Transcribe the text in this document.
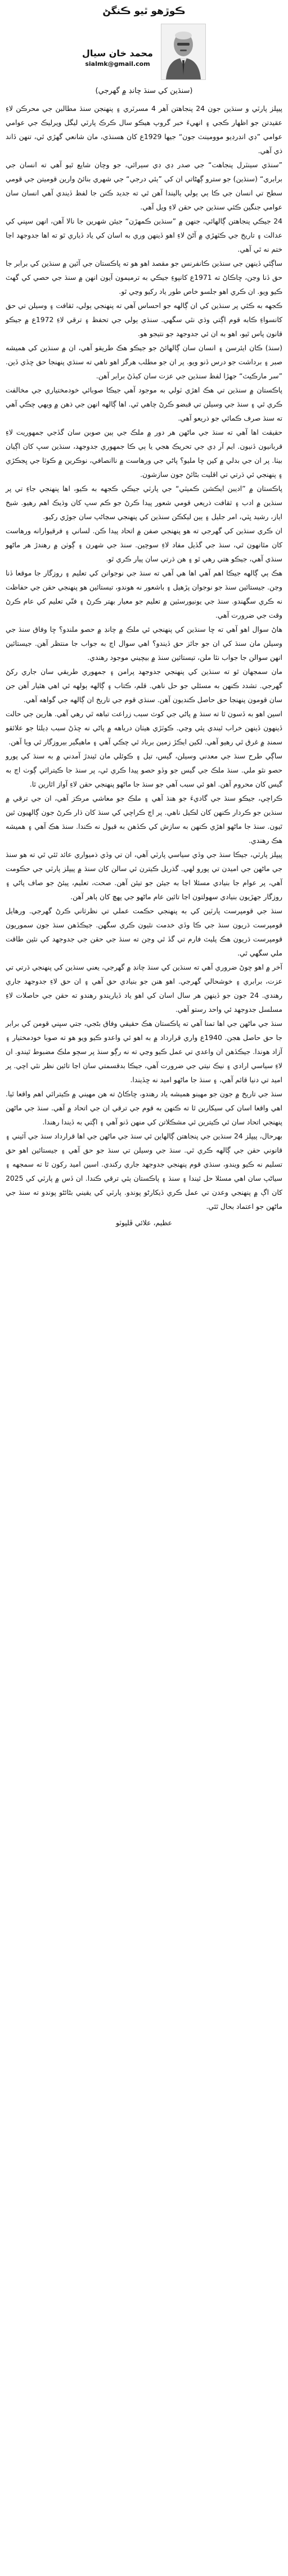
ڪوڙهو ٿيو ڪنگڻ
محمد خان سيال
sialmk@gmail.com
(سنڌين کي سنڌ چانڊ ۾ گهرجي)

پيپلز پارٽي و سنڌين جون 24 پنجاهتن آهر 4 مسرٽري ۽ پنهنجن سنڌ مطالبن جي محرڪن لاءِ عقيدتن جو اظهار ڪجي ۽ انهيءَ خبر گروپ هيڪو سال ڪرڪ پارٽي ليگل ويرليڪ جي عوامي عوامي ”ڊي انڊرڊيو موومينٽ جون“ جيها 1929ع کان هسنڌي، مان شانعي گهڙي ٿي، تنهن ڏاند ذي آهي.

”سنڌي سينٽرل پنجاهت“ جي صدر ڊي ڊي سيرائي، جو وچان شايع ٿيو آهي ته انسان جي برابري“ (سنڌين) جو سترو ڳهڻاتي ان کي ”ٻئي درجي“ جي شهري بنائڻ وارين قوميتن جي قومي سطح تي انسان جي ڪا ٻي ٻولي ٻاليندا آهن ٿي ته جديد ڪنن جا لفظ ڏيندي آهي انسان سان عوامي جنگين ڪئي سنڌين جي حقن لاءِ ويل آهي.

24 جيڪي پنجاهتن ڳالهائي، جنهن ۾ ”سنڌين ڪمهڙن“ جيئن شهرين جا نالا آهن، انهن سڀني کي عدالت ۽ تاريخ جي ڪٽهڙي ۾ آڻڻ لاءِ اهو ڏينهن وري به اسان کي ياد ڏياري ٿو ته اها جدوجهد اڃا ختم نه ٿي آهي.

ساڳئي ڏينهن جي سنڌين ڪانفرنس جو مقصد اهو هو ته پاڪستان جي آئين ۾ سنڌين کي برابر جا حق ڏنا وڃن، ڇاڪاڻ ته 1971ع کانپوءِ جيڪي به ترميمون آيون انهن ۾ سنڌ جي حصي کي گهٽ ڪيو ويو. ان ڪري اهو جلسو خاص طور ياد رکيو وڃي ٿو.

ڪجهه به ڪئي پر سنڌين کي ان ڳالهه جو احساس آهي ته پنهنجي ٻولي، ثقافت ۽ وسيلن تي حق کانسواءِ ڪابه قوم اڳتي وڌي نٿي سگهي. سنڌي ٻولي جي تحفظ ۽ ترقي لاءِ 1972ع ۾ جيڪو قانون پاس ٿيو، اهو به ان ئي جدوجهد جو نتيجو هو.

(سنڌ) ڪان ايئرسن ۽ انسان سان ڳالهائڻ جو جيڪو هڪ طريقو آهي، ان ۾ سنڌين کي هميشه صبر ۽ برداشت جو درس ڏنو ويو. پر ان جو مطلب هرگز اهو ناهي ته سنڌي پنهنجا حق ڇڏي ڏين. ”سر مارڪيٽ“ جهڙا لفظ سنڌين جي عزت سان کيڏڻ برابر آهن.

پاڪستان ۾ سنڌين تي هڪ اهڙي ٽولي به موجود آهي جيڪا صوبائي خودمختياري جي مخالفت ڪري ٿي ۽ سنڌ جي وسيلن تي قبضو ڪرڻ چاهي ٿي. اها ڳالهه انهن جي ذهن ۾ ويهي چڪي آهي ته سنڌ صرف ڪمائي جو ذريعو آهي.

حقيقت اها آهي ته سنڌ جي ماڻهن هر دور ۾ ملڪ جي ٻين صوبن سان گڏجي جمهوريت لاءِ قربانيون ڏنيون. ايم آر ڊي جي تحريڪ هجي يا ٻي ڪا جمهوري جدوجهد، سنڌين سڀ کان اڳيان بيٺا. پر ان جي بدلي ۾ کين ڇا مليو؟ پاڻي جي ورهاست ۾ ناانصافي، نوڪرين ۾ ڪوٽا جي ڀڃڪڙي ۽ پنهنجي ئي ڌرتي تي اقليت بڻائڻ جون سازشون.

پاڪستان ۾ ”اديبن ايڪشن ڪميٽي“ جي پارٽي جيڪي ڪجهه به ڪيو، اها پنهنجي جاءِ تي پر سنڌين ۾ ادب ۽ ثقافت ذريعي قومي شعور پيدا ڪرڻ جو ڪم سڀ کان وڌيڪ اهم رهيو. شيخ اياز، رشيد ڀٽي، امر جليل ۽ ٻين ليکڪن سنڌين کي پنهنجي سڃاڻپ سان جوڙي رکيو.

ان ڪري سنڌين کي گهرجي ته هو پنهنجي صفن ۾ اتحاد پيدا ڪن. لساني ۽ فرقيوارانه ورهاست کان مٿانهون ٿي، سنڌ جي گڏيل مفاد لاءِ سوچين. سنڌ جي شهرن ۽ ڳوٺن ۾ رهندڙ هر ماڻهو سنڌي آهي، جيڪو هتي رهي ٿو ۽ هن ڌرتي سان پيار ڪري ٿو.

هڪ ٻي ڳالهه جيڪا اهم آهي اها هي آهي ته سنڌ جي نوجوانن کي تعليم ۽ روزگار جا موقعا ڏنا وڃن. جيستائين سنڌ جو نوجوان پڙهيل ۽ باشعور نه هوندو، تيستائين هو پنهنجي حقن جي حفاظت نه ڪري سگهندو. سنڌ جي يونيورسٽين ۾ تعليم جو معيار بهتر ڪرڻ ۽ فنّي تعليم کي عام ڪرڻ وقت جي ضرورت آهي.

هاڻ سوال اهو آهي ته ڇا سنڌين کي پنهنجي ئي ملڪ ۾ چانڊ ۾ حصو ملندو؟ ڇا وفاق سنڌ جي وسيلن مان سنڌ کي ان جو جائز حق ڏيندو؟ اهي سوال اڄ به جواب جا منتظر آهن. جيستائين انهن سوالن جا جواب نٿا ملن، تيستائين سنڌ ۾ بيچيني موجود رهندي.

مان سمجهان ٿو ته سنڌين کي پنهنجي جدوجهد پرامن ۽ جمهوري طريقي سان جاري رکڻ گهرجي. تشدد ڪنهن به مسئلي جو حل ناهي. قلم، ڪتاب ۽ ڳالهه ٻولهه ئي اهي هٿيار آهن جن سان قومون پنهنجا حق حاصل ڪنديون آهن. سنڌي قوم جي تاريخ ان ڳالهه جي گواهه آهي.

اسين اهو به ڏسون ٿا ته سنڌ ۾ پاڻي جي کوٽ سبب زراعت تباهه ٿي رهي آهي. هارين جي حالت ڏينهون ڏينهن خراب ٿيندي پئي وڃي. ڪوٽڙي هيٺان درياهه ۾ پاڻي نه ڇڏڻ سبب ڊيلٽا جو علائقو سمنڊ ۾ غرق ٿي رهيو آهي. لکين ايڪڙ زمين برباد ٿي چڪي آهي ۽ ماهيگير بيروزگار ٿي ويا آهن.

ساڳي طرح سنڌ جي معدني وسيلن، گيس، تيل ۽ ڪوئلي مان ٿيندڙ آمدني ۾ به سنڌ کي پورو حصو نٿو ملي. سنڌ ملڪ جي گيس جو وڏو حصو پيدا ڪري ٿي، پر سنڌ جا ڪيترائي ڳوٺ اڄ به گيس کان محروم آهن. اهو ئي سبب آهي جو سنڌ جا ماڻهو پنهنجي حقن لاءِ آواز اٿارين ٿا.

ڪراچي، جيڪو سنڌ جي گاديءَ جو هنڌ آهي ۽ ملڪ جو معاشي مرڪز آهي، ان جي ترقي ۾ سنڌين جو ڪردار ڪنهن کان لڪيل ناهي. پر اڄ ڪراچي کي سنڌ کان ڌار ڪرڻ جون ڳالهيون ٿين ٿيون. سنڌ جا ماڻهو اهڙي ڪنهن به سازش کي ڪڏهن به قبول نه ڪندا. سنڌ هڪ آهي ۽ هميشه هڪ رهندي.

پيپلز پارٽي، جيڪا سنڌ جي وڏي سياسي پارٽي آهي، ان تي وڏي ذميواري عائد ٿئي ٿي ته هو سنڌ جي ماڻهن جي اميدن تي پورو لهي. گذريل ڪيترن ئي سالن کان سنڌ ۾ پيپلز پارٽي جي حڪومت آهي، پر عوام جا بنيادي مسئلا اڃا به جيئن جو تيئن آهن. صحت، تعليم، پيئڻ جو صاف پاڻي ۽ روزگار جهڙيون بنيادي سهولتون اڃا تائين عام ماڻهو جي پهچ کان ٻاهر آهن.

سنڌ جي قومپرست پارٽين کي به پنهنجي حڪمت عملي تي نظرثاني ڪرڻ گهرجي. ورهايل قومپرست ڌريون سنڌ جي ڪا وڏي خدمت نٿيون ڪري سگهن. جيڪڏهن سنڌ جون سموريون قومپرست ڌريون هڪ پليٽ فارم تي گڏ ٿي وڃن ته سنڌ جي حقن جي جدوجهد کي نئين طاقت ملي سگهي ٿي.

آخر ۾ اهو چوڻ ضروري آهي ته سنڌين کي سنڌ چانڊ ۾ گهرجي، يعني سنڌين کي پنهنجي ڌرتي تي عزت، برابري ۽ خوشحالي گهرجي. اهو هنن جو بنيادي حق آهي ۽ ان حق لاءِ جدوجهد جاري رهندي. 24 جون جو ڏينهن هر سال اسان کي اهو ياد ڏياريندو رهندو ته حقن جي حاصلات لاءِ مسلسل جدوجهد ئي واحد رستو آهي.

سنڌ جي ماڻهن جي اها تمنا آهي ته پاڪستان هڪ حقيقي وفاق بڻجي، جتي سڀني قومن کي برابر جا حق حاصل هجن. 1940ع واري قرارداد ۾ به اهو ئي واعدو ڪيو ويو هو ته صوبا خودمختيار ۽ آزاد هوندا. جيڪڏهن ان واعدي تي عمل ڪيو وڃي ته نه رڳو سنڌ پر سڄو ملڪ مضبوط ٿيندو. ان لاءِ سياسي ارادي ۽ نيڪ نيتي جي ضرورت آهي، جيڪا بدقسمتي سان اڃا تائين نظر نٿي اچي. پر اميد تي دنيا قائم آهي، ۽ سنڌ جا ماڻهو اميد نه ڇڏيندا.

سنڌ جي تاريخ ۾ جون جو مهينو هميشه ياد رهندو، ڇاڪاڻ ته هن مهيني ۾ ڪيترائي اهم واقعا ٿيا. اهي واقعا اسان کي سيکارين ٿا ته ڪنهن به قوم جي ترقي ان جي اتحاد ۾ آهي. سنڌ جي ماڻهن پنهنجي اتحاد سان ئي ڪيترين ئي مشڪلاتن کي منهن ڏنو آهي ۽ اڳتي به ڏيندا رهندا.

بهرحال، پيپلز 24 سنڌين جي پنجاهتن ڳالهاين ئي سنڌ جي ماڻهن جي اها قرارداد سنڌ جي آئيني ۽ قانوني حقن جي ڳالهه ڪري ٿي. سنڌ جي وسيلن تي سنڌ جو حق آهي ۽ جيستائين اهو حق تسليم نه ڪيو ويندو، سنڌي قوم پنهنجي جدوجهد جاري رکندي. اسين اميد رکون ٿا ته سمجهه ۽ سياڻپ سان اهي مسئلا حل ٿيندا ۽ سنڌ ۽ پاڪستان ٻئي ترقي ڪندا. ان ڏس ۾ پارٽي کي 2025 کان اڳ ۾ پنهنجي وعدن تي عمل ڪري ڏيکارڻو پوندو. پارٽي کي يقيني بڻائڻو پوندو ته سنڌ جي ماڻهن جو اعتماد بحال ٿئي.

عظيم، علائي ڦلپوٽو
